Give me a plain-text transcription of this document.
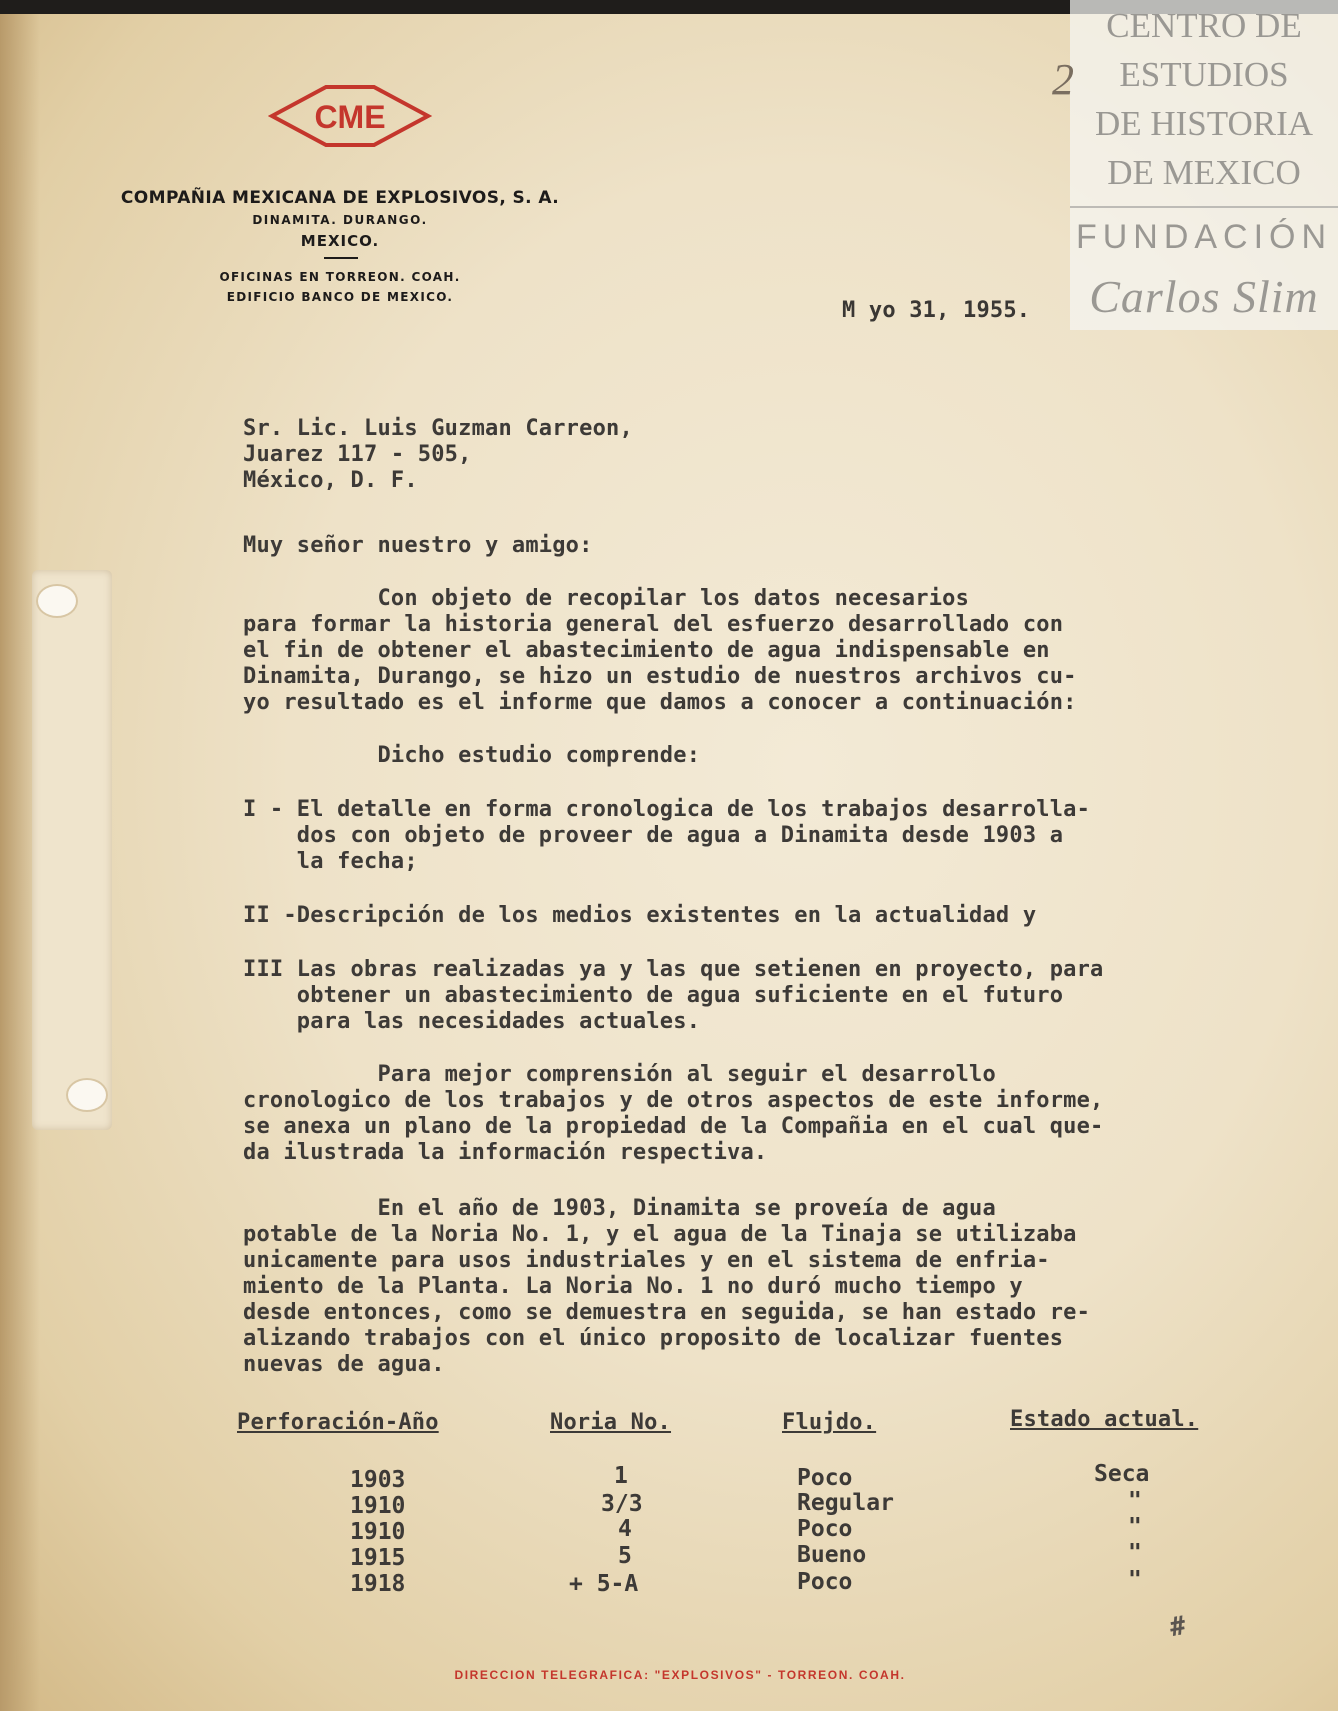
CME
COMPAÑIA MEXICANA DE EXPLOSIVOS, S. A.
DINAMITA. DURANGO.
MEXICO.
OFICINAS EN TORREON. COAH.
EDIFICIO BANCO DE MEXICO.
CENTRO DE
ESTUDIOS
DE HISTORIA
DE MEXICO
FUNDACIÓN
Carlos Slim
2
M yo 31, 1955.
Sr. Lic. Luis Guzman Carreon,
Juarez 117 - 505,
México, D. F.
Muy señor nuestro y amigo:
Con objeto de recopilar los datos necesarios
para formar la historia general del esfuerzo desarrollado con
el fin de obtener el abastecimiento de agua indispensable en
Dinamita, Durango, se hizo un estudio de nuestros archivos cu-
yo resultado es el informe que damos a conocer a continuación:
Dicho estudio comprende:
I - El detalle en forma cronologica de los trabajos desarrolla-
dos con objeto de proveer de agua a Dinamita desde 1903 a
la fecha;
II -Descripción de los medios existentes en la actualidad y
III Las obras realizadas ya y las que setienen en proyecto, para
obtener un abastecimiento de agua suficiente en el futuro
para las necesidades actuales.
Para mejor comprensión al seguir el desarrollo
cronologico de los trabajos y de otros aspectos de este informe,
se anexa un plano de la propiedad de la Compañia en el cual que-
da ilustrada la información respectiva.
En el año de 1903, Dinamita se proveía de agua
potable de la Noria No. 1, y el agua de la Tinaja se utilizaba
unicamente para usos industriales y en el sistema de enfria-
miento de la Planta. La Noria No. 1 no duró mucho tiempo y
desde entonces, como se demuestra en seguida, se han estado re-
alizando trabajos con el único proposito de localizar fuentes
nuevas de agua.
Perforación-Año	Noria No.	Flujdo.	Estado actual.
1903	1	Poco	Seca
1910	3/3	Regular	"
1910	4	Poco	"
1915	5	Bueno	"
1918	+ 5-A	Poco	"
#
DIRECCION TELEGRAFICA: "EXPLOSIVOS" - TORREON. COAH.
